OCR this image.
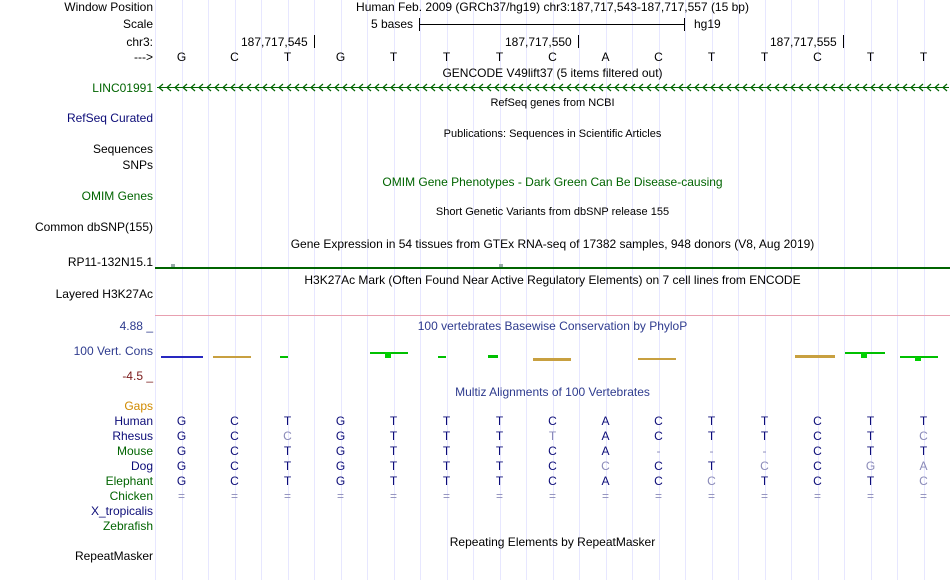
Window Position	Human Feb. 2009 (GRCh37/hg19) chr3:187,717,543-187,717,557 (15 bp)
Scale	5 bases	hg19
chr3:	187,717,545	187,717,550	187,717,555
--->
GENCODE V49lift37 (5 items filtered out)
LINC01991
RefSeq genes from NCBI
RefSeq Curated
Publications: Sequences in Scientific Articles
Sequences
SNPs
OMIM Gene Phenotypes - Dark Green Can Be Disease-causing
OMIM Genes
Short Genetic Variants from dbSNP release 155
Common dbSNP(155)
Gene Expression in 54 tissues from GTEx RNA-seq of 17382 samples, 948 donors (V8, Aug 2019)
RP11-132N15.1
H3K27Ac Mark (Often Found Near Active Regulatory Elements) on 7 cell lines from ENCODE
Layered H3K27Ac
4.88 _	100 vertebrates Basewise Conservation by PhyloP
100 Vert. Cons
-4.5 _
Multiz Alignments of 100 Vertebrates
Gaps
Repeating Elements by RepeatMasker
RepeatMasker
G	C	T	G	T	T	T	C	A	C	T	T	C	T	T
Human	G	C	T	G	T	T	T	C	A	C	T	T	C	T	T
Rhesus	G	C	C	G	T	T	T	T	A	C	T	T	C	T	C
Mouse	G	C	T	G	T	T	T	C	A	-	-	-	C	T	T
Dog	G	C	T	G	T	T	T	C	C	C	T	C	C	G	A
Elephant	G	C	T	G	T	T	T	C	A	C	C	T	C	T	C
Chicken	=	=	=	=	=	=	=	=	=	=	=	=	=	=	=
X_tropicalis
Zebrafish
